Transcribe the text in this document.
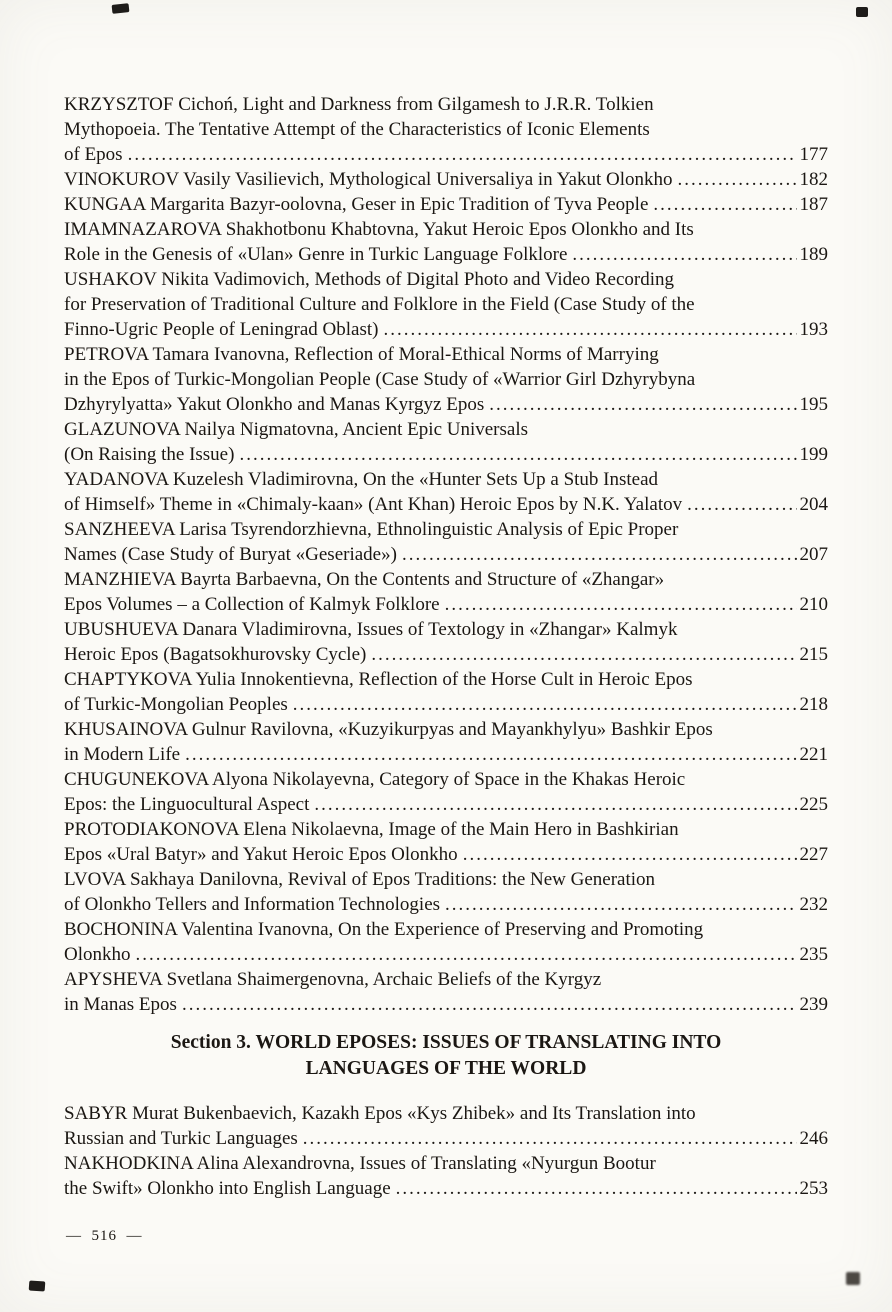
KRZYSZTOF Cichoń, Light and Darkness from Gilgamesh to J.R.R. Tolkien
Mythopoeia. The Tentative Attempt of the Characteristics of Iconic Elements
of Epos .....	177
VINOKUROV Vasily Vasilievich, Mythological Universaliya in Yakut Olonkho .....	182
KUNGAA Margarita Bazyr-oolovna, Geser in Epic Tradition of Tyva People .....	187
IMAMNAZAROVA Shakhotbonu Khabtovna, Yakut Heroic Epos Olonkho and Its
Role in the Genesis of «Ulan» Genre in Turkic Language Folklore .....	189
USHAKOV Nikita Vadimovich, Methods of Digital Photo and Video Recording
for Preservation of Traditional Culture and Folklore in the Field (Case Study of the
Finno-Ugric People of Leningrad Oblast) .....	193
PETROVA Tamara Ivanovna, Reflection of Moral-Ethical Norms of Marrying
in the Epos of Turkic-Mongolian People (Case Study of «Warrior Girl Dzhyrybyna
Dzhyrylyatta» Yakut Olonkho and Manas Kyrgyz Epos .....	195
GLAZUNOVA Nailya Nigmatovna, Ancient Epic Universals
(On Raising the Issue) .....	199
YADANOVA Kuzelesh Vladimirovna, On the «Hunter Sets Up a Stub Instead
of Himself» Theme in «Chimaly-kaan» (Ant Khan) Heroic Epos by N.K. Yalatov .....	204
SANZHEEVA Larisa Tsyrendorzhievna, Ethnolinguistic Analysis of Epic Proper
Names (Case Study of Buryat «Geseriade») .....	207
MANZHIEVA Bayrta Barbaevna, On the Contents and Structure of «Zhangar»
Epos Volumes – a Collection of Kalmyk Folklore .....	210
UBUSHUEVA Danara Vladimirovna, Issues of Textology in «Zhangar» Kalmyk
Heroic Epos (Bagatsokhurovsky Cycle) .....	215
CHAPTYKOVA Yulia Innokentievna, Reflection of the Horse Cult in Heroic Epos
of Turkic-Mongolian Peoples .....	218
KHUSAINOVA Gulnur Ravilovna, «Kuzyikurpyas and Mayankhylyu» Bashkir Epos
in Modern Life .....	221
CHUGUNEKOVA Alyona Nikolayevna, Category of Space in the Khakas Heroic
Epos: the Linguocultural Aspect .....	225
PROTODIAKONOVA Elena Nikolaevna, Image of the Main Hero in Bashkirian
Epos «Ural Batyr» and Yakut Heroic Epos Olonkho .....	227
LVOVA Sakhaya Danilovna, Revival of Epos Traditions: the New Generation
of Olonkho Tellers and Information Technologies .....	232
BOCHONINA Valentina Ivanovna, On the Experience of Preserving and Promoting
Olonkho .....	235
APYSHEVA Svetlana Shaimergenovna, Archaic Beliefs of the Kyrgyz
in Manas Epos .....	239
Section 3. WORLD EPOSES: ISSUES OF TRANSLATING INTO
LANGUAGES OF THE WORLD
SABYR Murat Bukenbaevich, Kazakh Epos «Kys Zhibek» and Its Translation into
Russian and Turkic Languages .....	246
NAKHODKINA Alina Alexandrovna, Issues of Translating «Nyurgun Bootur
the Swift» Olonkho into English Language .....	253
—  516  —
